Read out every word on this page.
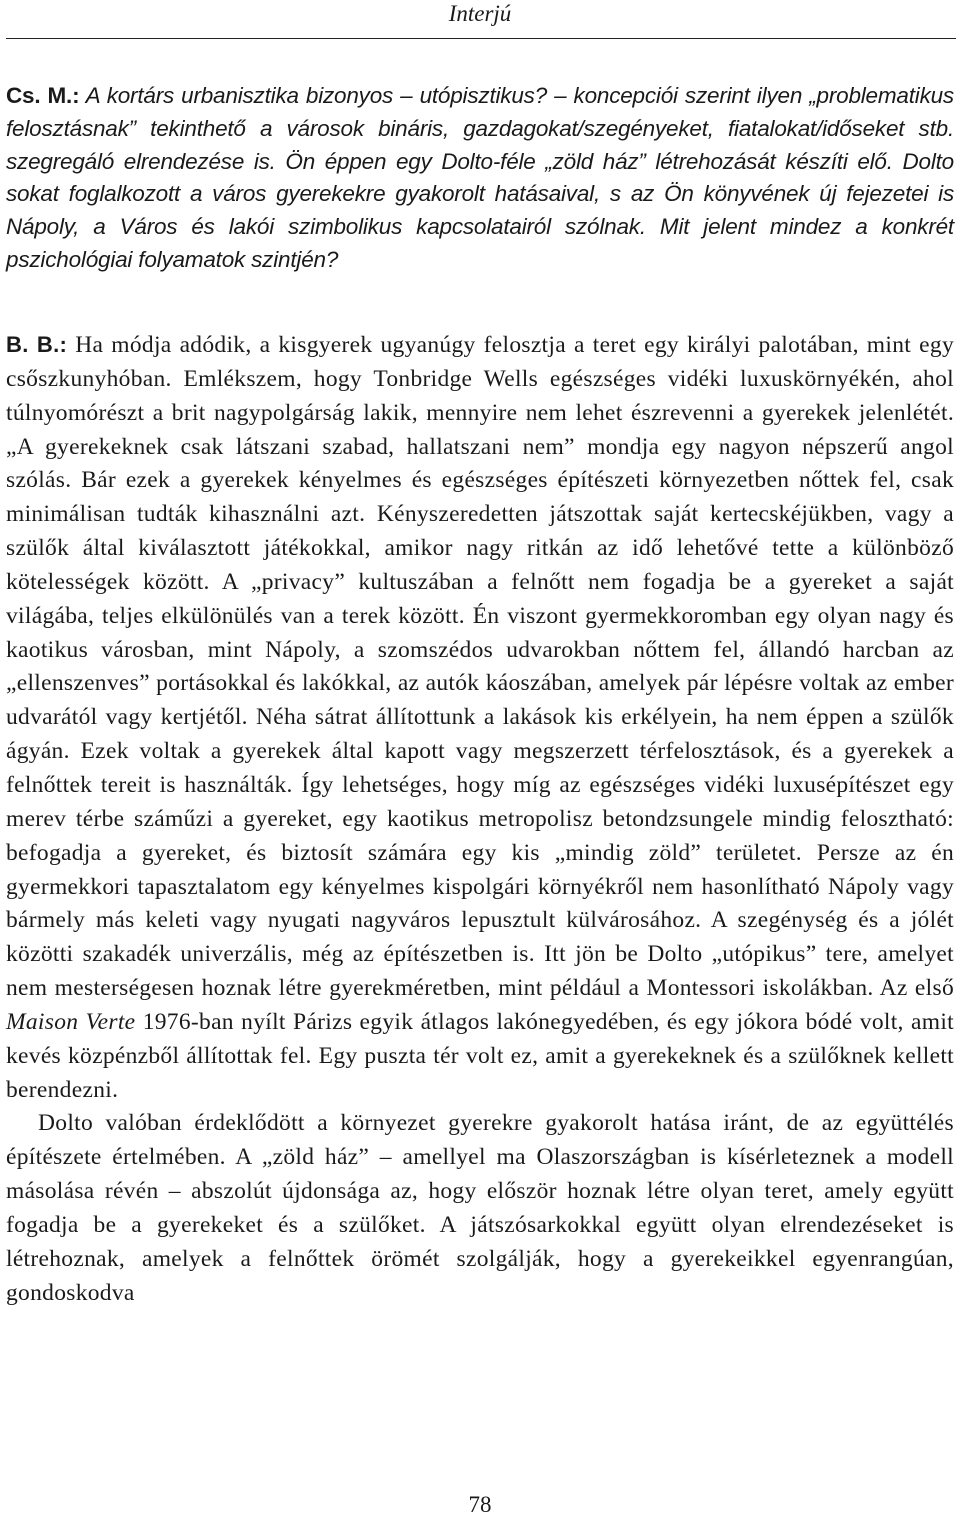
Interjú
Cs. M.: A kortárs urbanisztika bizonyos – utópisztikus? – koncepciói szerint ilyen „problematikus felosztásnak” tekinthető a városok bináris, gazdagokat/szegényeket, fiatalokat/időseket stb. szegregáló elrendezése is. Ön éppen egy Dolto-féle „zöld ház” létrehozását készíti elő. Dolto sokat foglalkozott a város gyerekekre gyakorolt hatásaival, s az Ön könyvének új fejezetei is Nápoly, a Város és lakói szimbolikus kapcsolatairól szólnak. Mit jelent mindez a konkrét pszichológiai folyamatok szintjén?

B. B.: Ha módja adódik, a kisgyerek ugyanúgy felosztja a teret egy királyi palotában, mint egy csőszkunyhóban. Emlékszem, hogy Tonbridge Wells egészséges vidéki luxuskörnyékén, ahol túlnyomórészt a brit nagypolgárság lakik, mennyire nem lehet észrevenni a gyerekek jelenlétét. „A gyerekeknek csak látszani szabad, hallatszani nem” mondja egy nagyon népszerű angol szólás. Bár ezek a gyerekek kényelmes és egészséges építészeti környezetben nőttek fel, csak minimálisan tudták kihasználni azt. Kényszeredetten játszottak saját kertecskéjükben, vagy a szülők által kiválasztott játékokkal, amikor nagy ritkán az idő lehetővé tette a különböző kötelességek között. A „privacy” kultuszában a felnőtt nem fogadja be a gyereket a saját világába, teljes elkülönülés van a terek között. Én viszont gyermekkoromban egy olyan nagy és kaotikus városban, mint Nápoly, a szomszédos udvarokban nőttem fel, állandó harcban az „ellenszenves” portásokkal és lakókkal, az autók káoszában, amelyek pár lépésre voltak az ember udvarától vagy kertjétől. Néha sátrat állítottunk a lakások kis erkélyein, ha nem éppen a szülők ágyán. Ezek voltak a gyerekek által kapott vagy megszerzett térfelosztások, és a gyerekek a felnőttek tereit is használták. Így lehetséges, hogy míg az egészséges vidéki luxusépítészet egy merev térbe száműzi a gyereket, egy kaotikus metropolisz betondzsungele mindig felosztható: befogadja a gyereket, és biztosít számára egy kis „mindig zöld” területet. Persze az én gyermekkori tapasztalatom egy kényelmes kispolgári környékről nem hasonlítható Nápoly vagy bármely más keleti vagy nyugati nagyváros lepusztult külvárosához. A szegénység és a jólét közötti szakadék univerzális, még az építészetben is. Itt jön be Dolto „utópikus” tere, amelyet nem mesterségesen hoznak létre gyerekméretben, mint például a Montessori iskolákban. Az első Maison Verte 1976-ban nyílt Párizs egyik átlagos lakónegyedében, és egy jókora bódé volt, amit kevés közpénzből állítottak fel. Egy puszta tér volt ez, amit a gyerekeknek és a szülőknek kellett berendezni.

Dolto valóban érdeklődött a környezet gyerekre gyakorolt hatása iránt, de az együttélés építészete értelmében. A „zöld ház” – amellyel ma Olaszországban is kísérleteznek a modell másolása révén – abszolút újdonsága az, hogy először hoznak létre olyan teret, amely együtt fogadja be a gyerekeket és a szülőket. A játszósarkokkal együtt olyan elrendezéseket is létrehoznak, amelyek a felnőttek örömét szolgálják, hogy a gyerekeikkel egyenrangúan, gondoskodva

78
